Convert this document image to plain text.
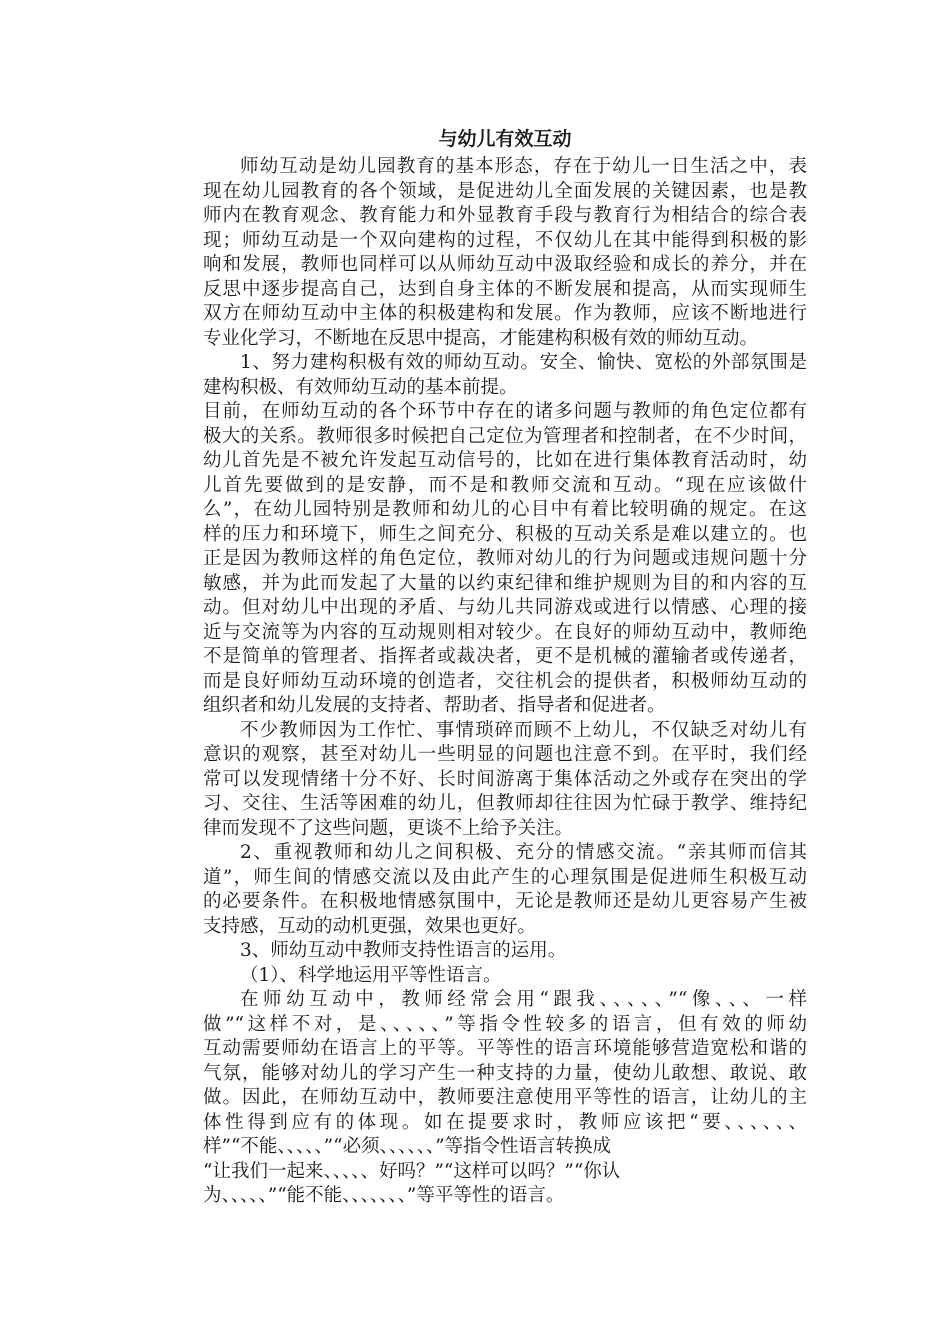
与幼儿有效互动
师幼互动是幼儿园教育的基本形态，存在于幼儿一日生活之中，表
现在幼儿园教育的各个领域，是促进幼儿全面发展的关键因素，也是教
师内在教育观念、教育能力和外显教育手段与教育行为相结合的综合表
现；师幼互动是一个双向建构的过程，不仅幼儿在其中能得到积极的影
响和发展，教师也同样可以从师幼互动中汲取经验和成长的养分，并在
反思中逐步提高自己，达到自身主体的不断发展和提高，从而实现师生
双方在师幼互动中主体的积极建构和发展。作为教师，应该不断地进行
专业化学习，不断地在反思中提高，才能建构积极有效的师幼互动。
1、努力建构积极有效的师幼互动。安全、愉快、宽松的外部氛围是
建构积极、有效师幼互动的基本前提。
目前，在师幼互动的各个环节中存在的诸多问题与教师的角色定位都有
极大的关系。教师很多时候把自己定位为管理者和控制者，在不少时间，
幼儿首先是不被允许发起互动信号的，比如在进行集体教育活动时，幼
儿首先要做到的是安静，而不是和教师交流和互动。“现在应该做什
么”，在幼儿园特别是教师和幼儿的心目中有着比较明确的规定。在这
样的压力和环境下，师生之间充分、积极的互动关系是难以建立的。也
正是因为教师这样的角色定位，教师对幼儿的行为问题或违规问题十分
敏感，并为此而发起了大量的以约束纪律和维护规则为目的和内容的互
动。但对幼儿中出现的矛盾、与幼儿共同游戏或进行以情感、心理的接
近与交流等为内容的互动规则相对较少。在良好的师幼互动中，教师绝
不是简单的管理者、指挥者或裁决者，更不是机械的灌输者或传递者，
而是良好师幼互动环境的创造者，交往机会的提供者，积极师幼互动的
组织者和幼儿发展的支持者、帮助者、指导者和促进者。
不少教师因为工作忙、事情琐碎而顾不上幼儿，不仅缺乏对幼儿有
意识的观察，甚至对幼儿一些明显的问题也注意不到。在平时，我们经
常可以发现情绪十分不好、长时间游离于集体活动之外或存在突出的学
习、交往、生活等困难的幼儿，但教师却往往因为忙碌于教学、维持纪
律而发现不了这些问题，更谈不上给予关注。
2、重视教师和幼儿之间积极、充分的情感交流。“亲其师而信其
道”，师生间的情感交流以及由此产生的心理氛围是促进师生积极互动
的必要条件。在积极地情感氛围中，无论是教师还是幼儿更容易产生被
支持感，互动的动机更强，效果也更好。
3、师幼互动中教师支持性语言的运用。
（1）、科学地运用平等性语言。
在师幼互动中，教师经常会用“跟我、、、、、”“像、、、一样
做”“这样不对，是、、、、、”等指令性较多的语言，但有效的师幼
互动需要师幼在语言上的平等。平等性的语言环境能够营造宽松和谐的
气氛，能够对幼儿的学习产生一种支持的力量，使幼儿敢想、敢说、敢
做。因此，在师幼互动中，教师要注意使用平等性的语言，让幼儿的主
体性得到应有的体现。如在提要求时，教师应该把“要、、、、、、
样”“不能、、、、、”“必须、、、、、、”等指令性语言转换成
“让我们一起来、、、、、好吗？”“这样可以吗？”“你认
为、、、、、”“能不能、、、、、、、”等平等性的语言。
